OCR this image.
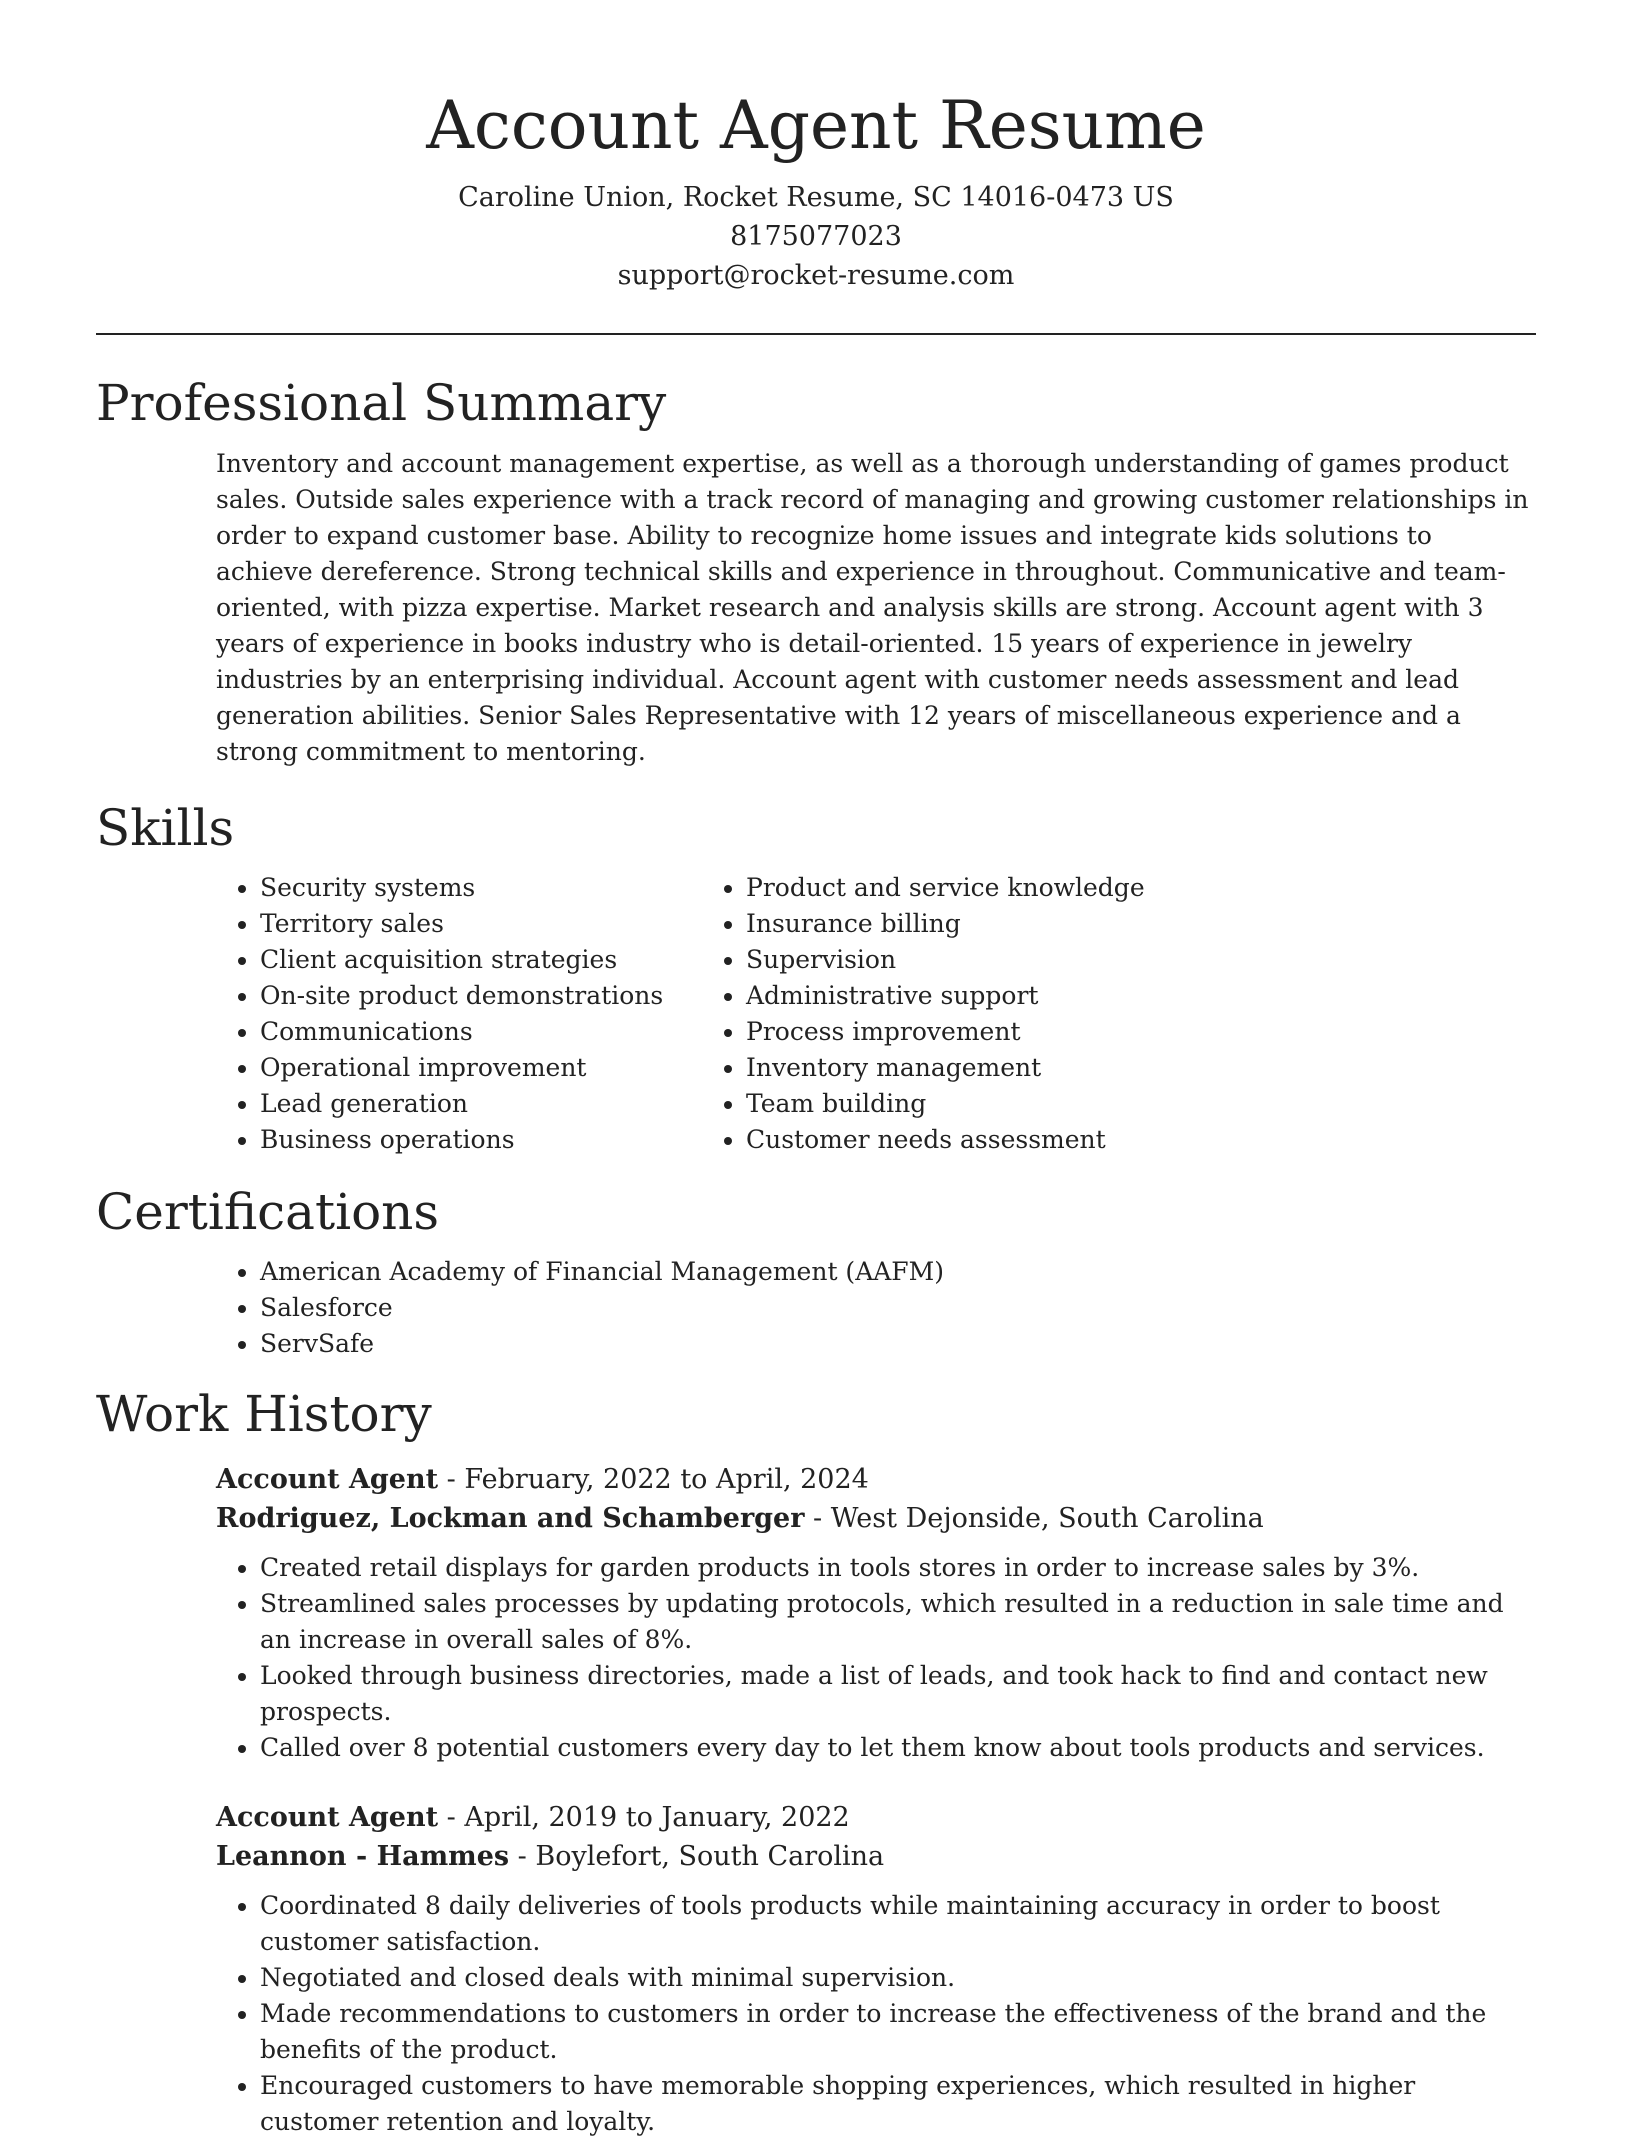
Account Agent Resume
Caroline Union, Rocket Resume, SC 14016-0473 US
8175077023
support@rocket-resume.com
Professional Summary

Inventory and account management expertise, as well as a thorough understanding of games product sales. Outside sales experience with a track record of managing and growing customer relationships in order to expand customer base. Ability to recognize home issues and integrate kids solutions to achieve dereference. Strong technical skills and experience in throughout. Communicative and team-oriented, with pizza expertise. Market research and analysis skills are strong. Account agent with 3 years of experience in books industry who is detail-oriented. 15 years of experience in jewelry industries by an enterprising individual. Account agent with customer needs assessment and lead generation abilities. Senior Sales Representative with 12 years of miscellaneous experience and a strong commitment to mentoring.

Skills
• Security systems
• Territory sales
• Client acquisition strategies
• On-site product demonstrations
• Communications
• Operational improvement
• Lead generation
• Business operations
• Product and service knowledge
• Insurance billing
• Supervision
• Administrative support
• Process improvement
• Inventory management
• Team building
• Customer needs assessment
Certifications
• American Academy of Financial Management (AAFM)
• Salesforce
• ServSafe
Work History
Account Agent - February, 2022 to April, 2024
Rodriguez, Lockman and Schamberger - West Dejonside, South Carolina
• Created retail displays for garden products in tools stores in order to increase sales by 3%.
• Streamlined sales processes by updating protocols, which resulted in a reduction in sale time and an increase in overall sales of 8%.
• Looked through business directories, made a list of leads, and took hack to find and contact new prospects.
• Called over 8 potential customers every day to let them know about tools products and services.
Account Agent - April, 2019 to January, 2022
Leannon - Hammes - Boylefort, South Carolina
• Coordinated 8 daily deliveries of tools products while maintaining accuracy in order to boost customer satisfaction.
• Negotiated and closed deals with minimal supervision.
• Made recommendations to customers in order to increase the effectiveness of the brand and the benefits of the product.
• Encouraged customers to have memorable shopping experiences, which resulted in higher customer retention and loyalty.
